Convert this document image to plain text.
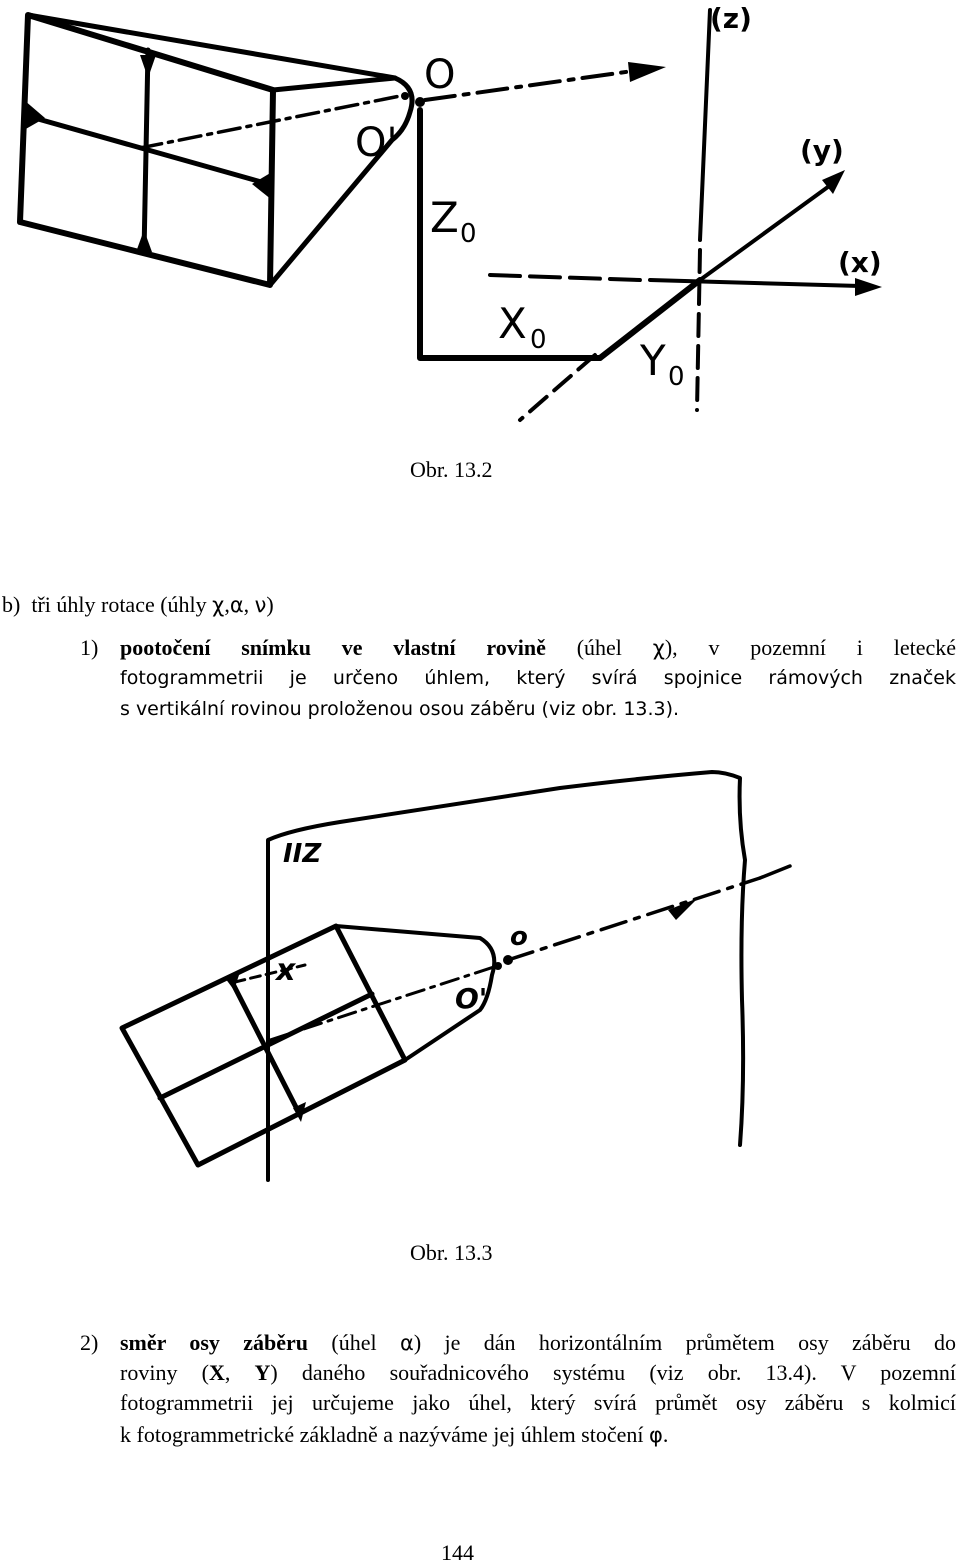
O
O'
Z 0
X 0 Y 0
(z)
(y)
(x)
Obr. 13.2
b) tři úhly rotace (úhly χ,α, ν)
1) pootočení snímku ve vlastní rovině (úhel χ), v pozemní i letecké
fotogrammetrii je určeno úhlem, který svírá spojnice rámových značek
s vertikální rovinou proloženou osou záběru (viz obr. 13.3).
IIZ
x
o
O'
Obr. 13.3
2) směr osy záběru (úhel α) je dán horizontálním průmětem osy záběru do
roviny (X, Y) daného souřadnicového systému (viz obr. 13.4). V pozemní
fotogrammetrii jej určujeme jako úhel, který svírá průmět osy záběru s kolmicí
k fotogrammetrické základně a nazýváme jej úhlem stočení φ.
144
